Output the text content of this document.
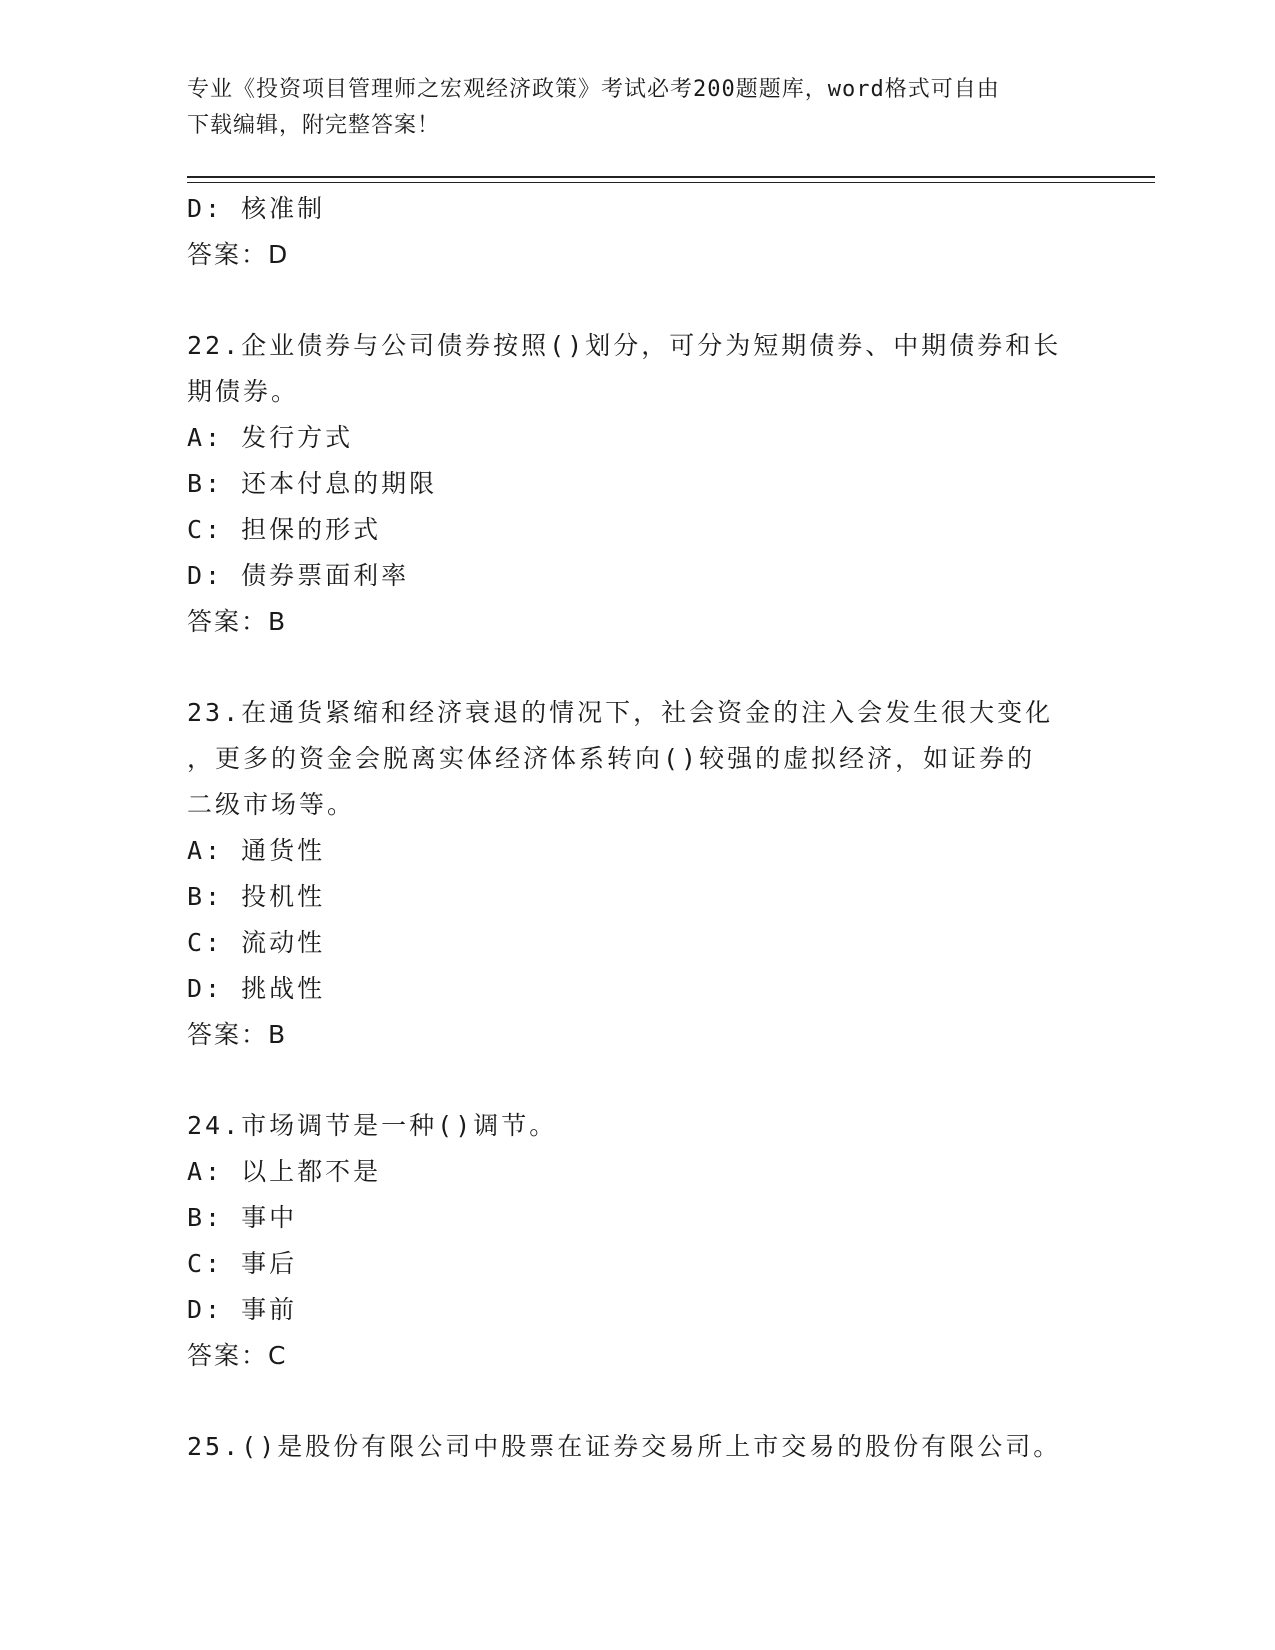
专业《投资项目管理师之宏观经济政策》考试必考200题题库，word格式可自由
下载编辑，附完整答案！
D: 核准制
答案：D
22.企业债券与公司债券按照()划分，可分为短期债券、中期债券和长
期债券。
A: 发行方式
B: 还本付息的期限
C: 担保的形式
D: 债券票面利率
答案：B
23.在通货紧缩和经济衰退的情况下，社会资金的注入会发生很大变化
，更多的资金会脱离实体经济体系转向()较强的虚拟经济，如证券的
二级市场等。
A: 通货性
B: 投机性
C: 流动性
D: 挑战性
答案：B
24.市场调节是一种()调节。
A: 以上都不是
B: 事中
C: 事后
D: 事前
答案：C
25.()是股份有限公司中股票在证券交易所上市交易的股份有限公司。
